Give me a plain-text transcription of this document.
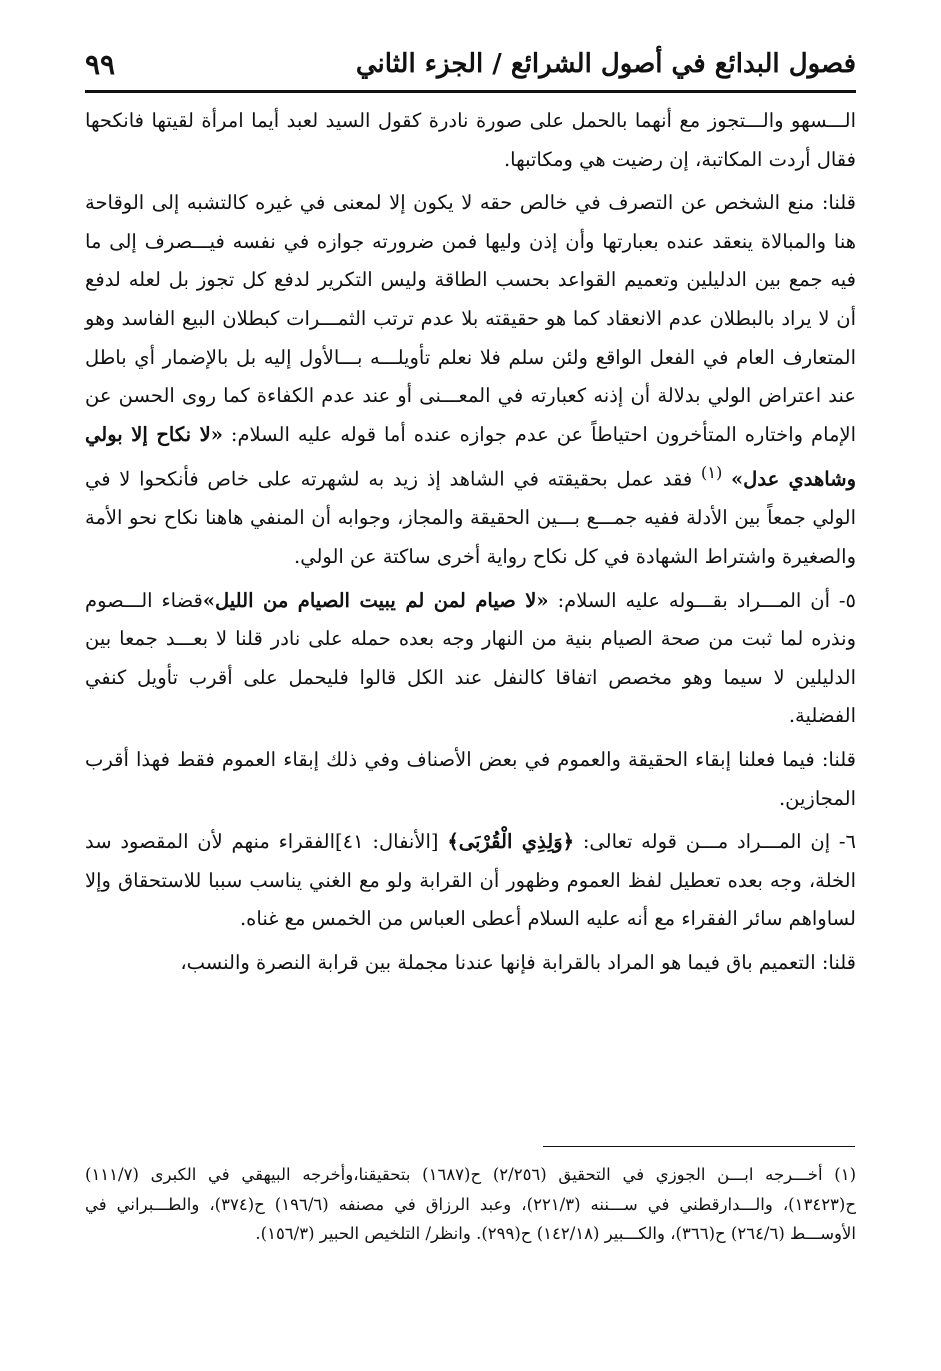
فصول البدائع في أصول الشرائع / الجزء الثاني
٩٩

الـــسهو والـــتجوز مع أنهما بالحمل على صورة نادرة كقول السيد لعبد أيما امرأة لقيتها فانكحها فقال أردت المكاتبة، إن رضيت هي ومكاتبها.

قلنا: منع الشخص عن التصرف في خالص حقه لا يكون إلا لمعنى في غيره كالتشبه إلى الوقاحة هنا والمبالاة ينعقد عنده بعبارتها وأن إذن وليها فمن ضرورته جوازه في نفسه فيـــصرف إلى ما فيه جمع بين الدليلين وتعميم القواعد بحسب الطاقة وليس التكرير لدفع كل تجوز بل لعله لدفع أن لا يراد بالبطلان عدم الانعقاد كما هو حقيقته بلا عدم ترتب الثمـــرات كبطلان البيع الفاسد وهو المتعارف العام في الفعل الواقع ولئن سلم فلا نعلم تأويلـــه بـــالأول إليه بل بالإضمار أي باطل عند اعتراض الولي بدلالة أن إذنه كعبارته في المعـــنى أو عند عدم الكفاءة كما روى الحسن عن الإمام واختاره المتأخرون احتياطاً عن عدم جوازه عنده أما قوله عليه السلام: «لا نكاح إلا بولي وشاهدي عدل» $^{(١)}$ فقد عمل بحقيقته في الشاهد إذ زيد به لشهرته على خاص فأنكحوا لا في الولي جمعاً بين الأدلة ففيه جمـــع بـــين الحقيقة والمجاز، وجوابه أن المنفي هاهنا نكاح نحو الأمة والصغيرة واشتراط الشهادة في كل نكاح رواية أخرى ساكتة عن الولي.

٥- أن المـــراد بقـــوله عليه السلام: «لا صيام لمن لم يبيت الصيام من الليل»قضاء الـــصوم ونذره لما ثبت من صحة الصيام بنية من النهار وجه بعده حمله على نادر قلنا لا بعـــد جمعا بين الدليلين لا سيما وهو مخصص اتفاقا كالنفل عند الكل قالوا فليحمل على أقرب تأويل كنفي الفضلية.

قلنا: فيما فعلنا إبقاء الحقيقة والعموم في بعض الأصناف وفي ذلك إبقاء العموم فقط فهذا أقرب المجازين.

٦- إن المـــراد مـــن قوله تعالى: ﴿وَلِذِي الْقُرْبَى﴾ [الأنفال: ٤١]الفقراء منهم لأن المقصود سد الخلة، وجه بعده تعطيل لفظ العموم وظهور أن القرابة ولو مع الغني يناسب سببا للاستحقاق وإلا لساواهم سائر الفقراء مع أنه عليه السلام أعطى العباس من الخمس مع غناه.

قلنا: التعميم باق فيما هو المراد بالقرابة فإنها عندنا مجملة بين قرابة النصرة والنسب،

(١) أخـــرجه ابـــن الجوزي في التحقيق (٢/٢٥٦) ح(١٦٨٧) بتحقيقنا،وأخرجه البيهقي في الكبرى (١١١/٧) ح(١٣٤٢٣)، والـــدارقطني في ســـننه (٢٢١/٣)، وعبد الرزاق في مصنفه (١٩٦/٦) ح(٣٧٤)، والطـــبراني في الأوســـط (٢٦٤/٦) ح(٣٦٦)، والكـــبير (١٤٢/١٨) ح(٢٩٩). وانظر/ التلخيص الحبير (١٥٦/٣).
